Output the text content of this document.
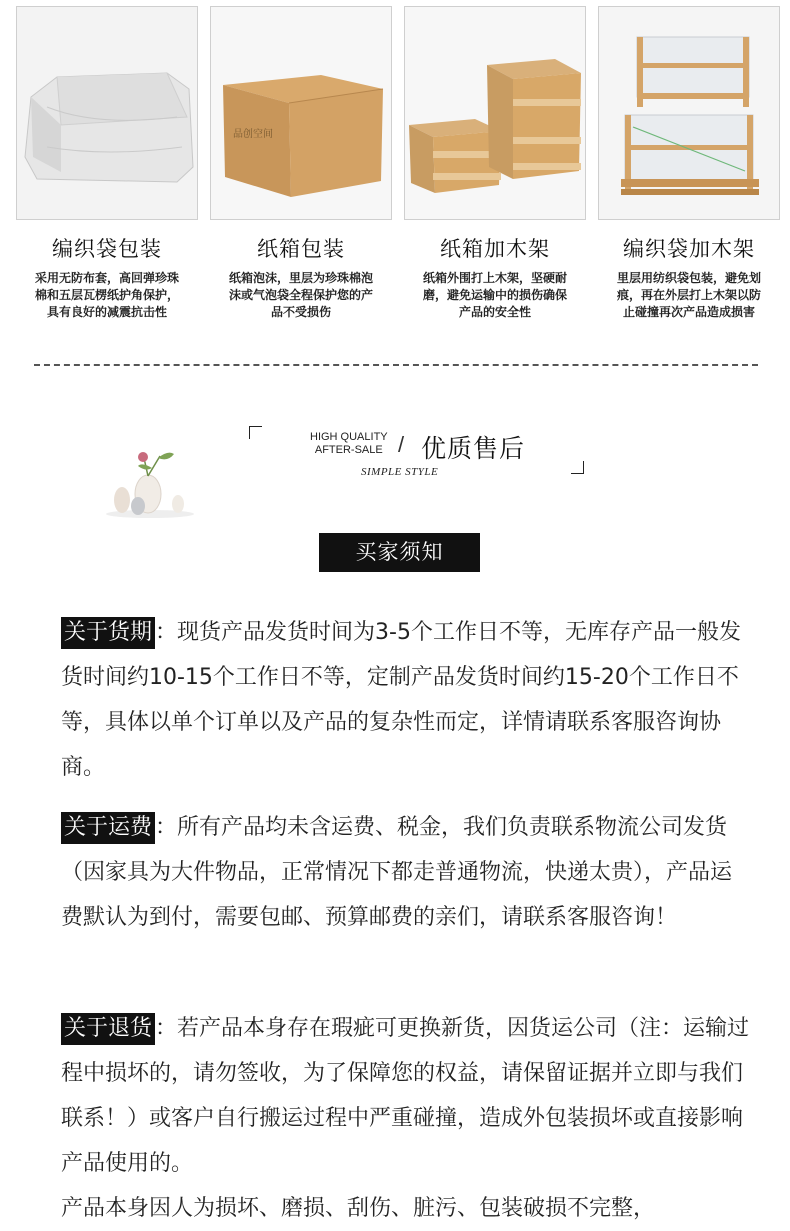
编织袋包装
采用无防布套，高回弹珍珠棉和五层瓦楞纸护角保护，具有良好的减震抗击性
品创空间
纸箱包装
纸箱泡沫，里层为珍珠棉泡沫或气泡袋全程保护您的产品不受损伤
纸箱加木架
纸箱外围打上木架，坚硬耐磨，避免运输中的损伤确保产品的安全性
编织袋加木架
里层用纺织袋包装，避免划痕，再在外层打上木架以防止碰撞再次产品造成损害
HIGH QUALITY
AFTER-SALE / 优质售后
SIMPLE STYLE
买家须知
关于货期 ：现货产品发货时间为3-5个工作日不等，无库存产品一般发货时间约10-15个工作日不等，定制产品发货时间约15-20个工作日不等，具体以单个订单以及产品的复杂性而定，详情请联系客服咨询协商。
关于运费 ：所有产品均未含运费、税金，我们负责联系物流公司发货（因家具为大件物品，正常情况下都走普通物流，快递太贵），产品运费默认为到付，需要包邮、预算邮费的亲们，请联系客服咨询！
关于退货 ：若产品本身存在瑕疵可更换新货，因货运公司（注：运输过程中损坏的，请勿签收，为了保障您的权益，请保留证据并立即与我们联系！）或客户自行搬运过程中严重碰撞，造成外包装损坏或直接影响产品使用的。
产品本身因人为损坏、磨损、刮伤、脏污、包装破损不完整，
